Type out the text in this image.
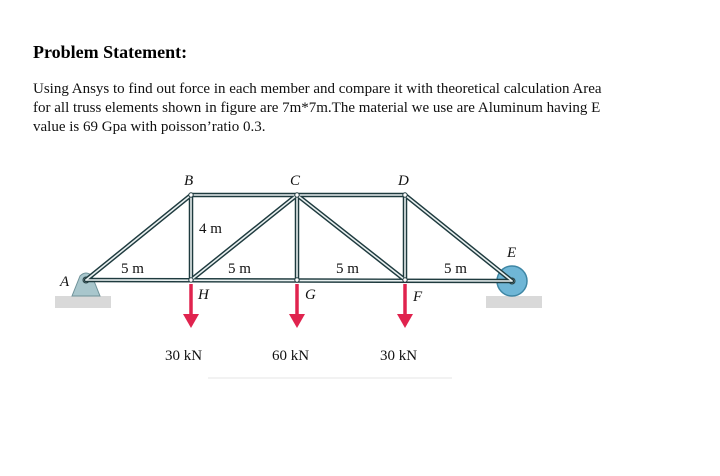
Problem Statement:
Using Ansys to find out force in each member and compare it with theoretical calculation Area
for all truss elements shown in figure are 7m*7m.The material we use are Aluminum having E
value is 69 Gpa with poisson’ratio 0.3.
A
B	C	D
E
H	G	F
4 m
5 m	5 m	5 m	5 m
30 kN	60 kN	30 kN
